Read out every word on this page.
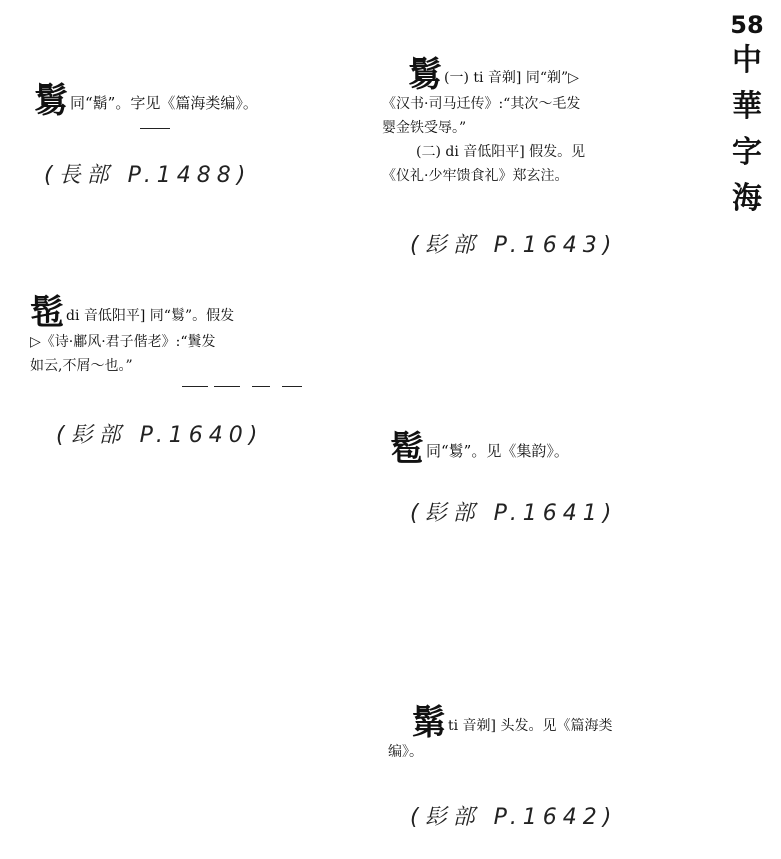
58
中
華
字
海
鬄同“鬍”。字见《篇海类编》。
(長部 P.1488)
鬄 (一) ti 音剃] 同“剃”▷
《汉书·司马迁传》:“其次～毛发
婴金铁受辱。”
(二) di 音低阳平] 假发。见
《仪礼·少牢馈食礼》郑玄注。
(髟部 P.1643)
髢di 音低阳平] 同“鬄”。假发
▷《诗·鄘风·君子偕老》:“鬒发
如云,不屑～也。”
(髟部 P.1640)	髱同“鬄”。见《集韵》。
(髟部 P.1641)
鬀ti 音剃] 头发。见《篇海类
编》。
(髟部 P.1642)
